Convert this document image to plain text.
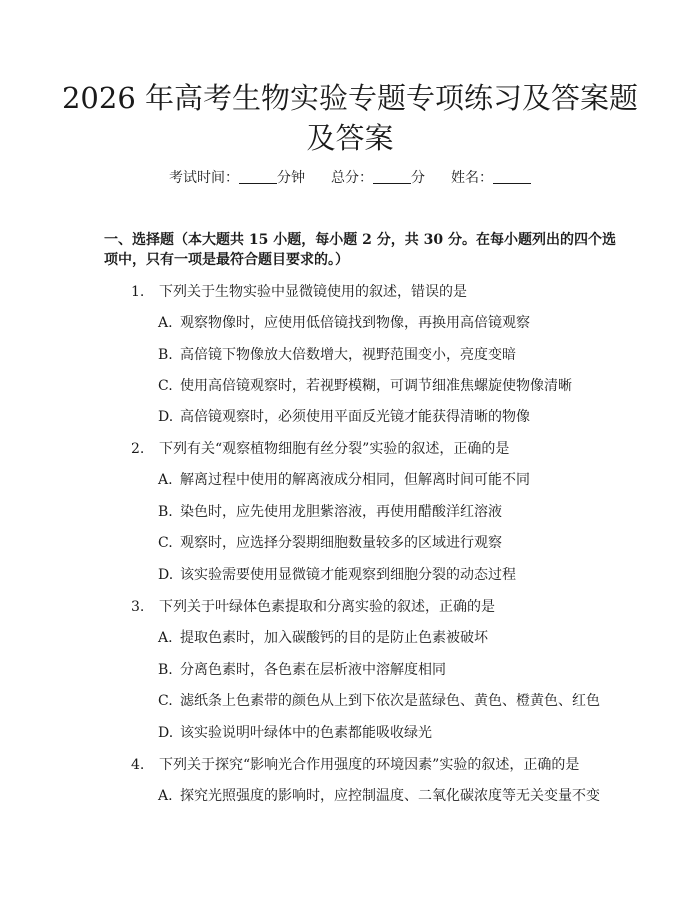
2026 年高考生物实验专题专项练习及答案题
及答案
考试时间：	分钟 总分：	分 姓名：
一、选择题（本大题共 15 小题，每小题 2 分，共 30 分。在每小题列出的四个选
项中，只有一项是最符合题目要求的。）
1. 下列关于生物实验中显微镜使用的叙述，错误的是
A. 观察物像时，应使用低倍镜找到物像，再换用高倍镜观察
B. 高倍镜下物像放大倍数增大，视野范围变小，亮度变暗
C. 使用高倍镜观察时，若视野模糊，可调节细准焦螺旋使物像清晰
D. 高倍镜观察时，必须使用平面反光镜才能获得清晰的物像
2. 下列有关“观察植物细胞有丝分裂”实验的叙述，正确的是
A. 解离过程中使用的解离液成分相同，但解离时间可能不同
B. 染色时，应先使用龙胆紫溶液，再使用醋酸洋红溶液
C. 观察时，应选择分裂期细胞数量较多的区域进行观察
D. 该实验需要使用显微镜才能观察到细胞分裂的动态过程
3. 下列关于叶绿体色素提取和分离实验的叙述，正确的是
A. 提取色素时，加入碳酸钙的目的是防止色素被破坏
B. 分离色素时，各色素在层析液中溶解度相同
C. 滤纸条上色素带的颜色从上到下依次是蓝绿色、黄色、橙黄色、红色
D. 该实验说明叶绿体中的色素都能吸收绿光
4. 下列关于探究“影响光合作用强度的环境因素”实验的叙述，正确的是
A. 探究光照强度的影响时，应控制温度、二氧化碳浓度等无关变量不变
